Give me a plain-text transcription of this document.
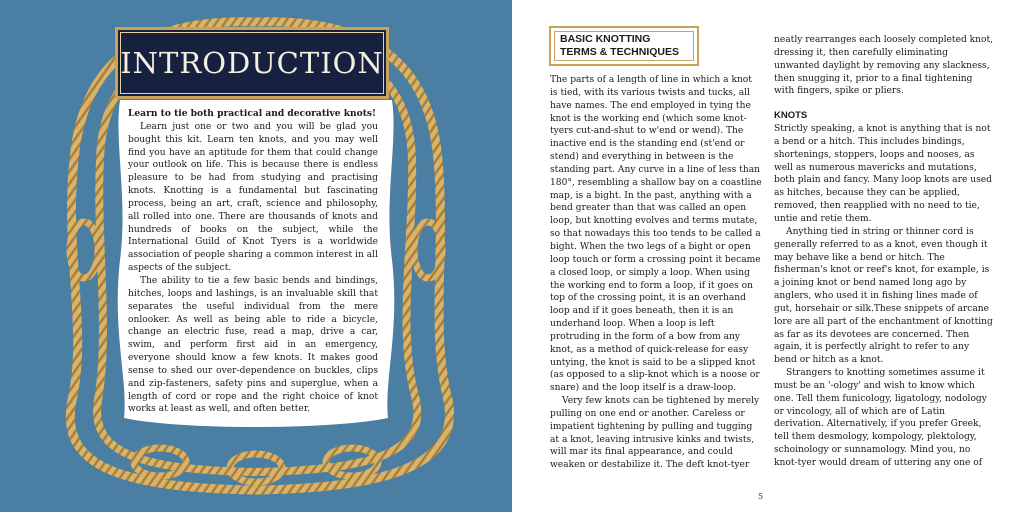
INTRODUCTION

Learn to tie both practical and decorative knots!

Learn just one or two and you will be glad you bought this kit. Learn ten knots, and you may well find you have an aptitude for them that could change your outlook on life. This is because there is endless pleasure to be had from studying and practising knots. Knotting is a fundamental but fascinating process, being an art, craft, science and philosophy, all rolled into one. There are thousands of knots and hundreds of books on the subject, while the International Guild of Knot Tyers is a worldwide association of people sharing a common interest in all aspects of the subject.

The ability to tie a few basic bends and bindings, hitches, loops and lashings, is an invaluable skill that separates the useful individual from the mere onlooker. As well as being able to ride a bicycle, change an electric fuse, read a map, drive a car, swim, and perform first aid in an emergency, everyone should know a few knots. It makes good sense to shed our over-dependence on buckles, clips and zip-fasteners, safety pins and superglue, when a length of cord or rope and the right choice of knot works at least as well, and often better.

BASIC KNOTTING
TERMS & TECHNIQUES

The parts of a length of line in which a knot is tied, with its various twists and tucks, all have names. The end employed in tying the knot is the working end (which some knot-tyers cut-and-shut to w'end or wend). The inactive end is the standing end (st'end or stend) and everything in between is the standing part. Any curve in a line of less than 180°, resembling a shallow bay on a coastline map, is a bight. In the past, anything with a bend greater than that was called an open loop, but knotting evolves and terms mutate, so that nowadays this too tends to be called a bight. When the two legs of a bight or open loop touch or form a crossing point it became a closed loop, or simply a loop. When using the working end to form a loop, if it goes on top of the crossing point, it is an overhand loop and if it goes beneath, then it is an underhand loop. When a loop is left protruding in the form of a bow from any knot, as a method of quick-release for easy untying, the knot is said to be a slipped knot (as opposed to a slip-knot which is a noose or snare) and the loop itself is a draw-loop.

Very few knots can be tightened by merely pulling on one end or another. Careless or impatient tightening by pulling and tugging at a knot, leaving intrusive kinks and twists, will mar its final appearance, and could weaken or destabilize it. The deft knot-tyer

neatly rearranges each loosely completed knot, dressing it, then carefully eliminating unwanted daylight by removing any slackness, then snugging it, prior to a final tightening with fingers, spike or pliers.

KNOTS

Strictly speaking, a knot is anything that is not a bend or a hitch. This includes bindings, shortenings, stoppers, loops and nooses, as well as numerous mavericks and mutations, both plain and fancy. Many loop knots are used as hitches, because they can be applied, removed, then reapplied with no need to tie, untie and retie them.

Anything tied in string or thinner cord is generally referred to as a knot, even though it may behave like a bend or hitch. The fisherman's knot or reef's knot, for example, is a joining knot or bend named long ago by anglers, who used it in fishing lines made of gut, horsehair or silk.These snippets of arcane lore are all part of the enchantment of knotting as far as its devotees are concerned. Then again, it is perfectly alright to refer to any bend or hitch as a knot.

Strangers to knotting sometimes assume it must be an '-ology' and wish to know which one. Tell them funicology, ligatology, nodology or vincology, all of which are of Latin derivation. Alternatively, if you prefer Greek, tell them desmology, kompology, plektology, schoinology or sunnamology. Mind you, no knot-tyer would dream of uttering any one of

5
